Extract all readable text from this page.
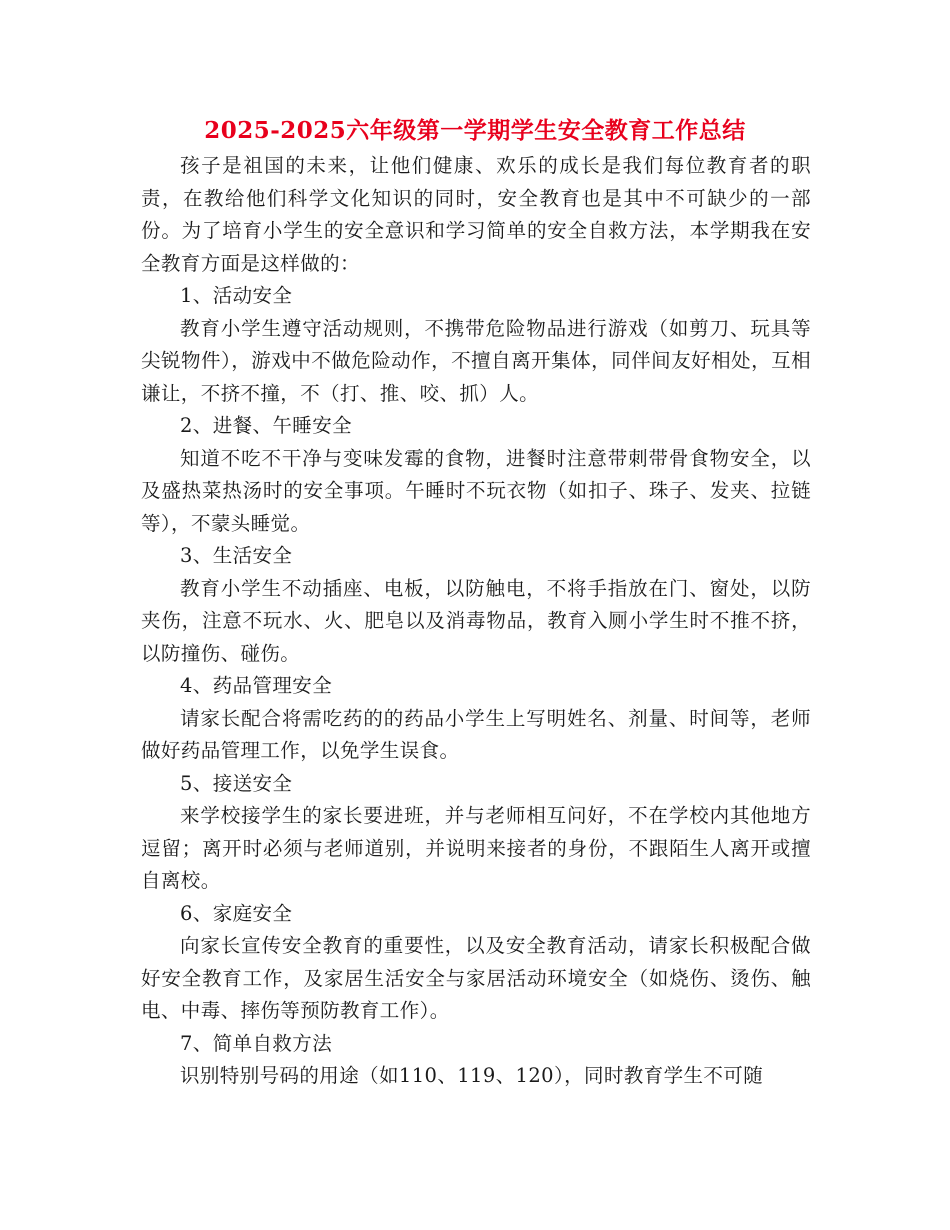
2025-2025六年级第一学期学生安全教育工作总结

孩子是祖国的未来，让他们健康、欢乐的成长是我们每位教育者的职责，在教给他们科学文化知识的同时，安全教育也是其中不可缺少的一部份。为了培育小学生的安全意识和学习简单的安全自救方法，本学期我在安全教育方面是这样做的：

1、活动安全

教育小学生遵守活动规则，不携带危险物品进行游戏（如剪刀、玩具等尖锐物件），游戏中不做危险动作，不擅自离开集体，同伴间友好相处，互相谦让，不挤不撞，不（打、推、咬、抓）人。

2、进餐、午睡安全

知道不吃不干净与变味发霉的食物，进餐时注意带刺带骨食物安全，以及盛热菜热汤时的安全事项。午睡时不玩衣物（如扣子、珠子、发夹、拉链等），不蒙头睡觉。

3、生活安全

教育小学生不动插座、电板，以防触电，不将手指放在门、窗处，以防夹伤，注意不玩水、火、肥皂以及消毒物品，教育入厕小学生时不推不挤，以防撞伤、碰伤。

4、药品管理安全

请家长配合将需吃药的的药品小学生上写明姓名、剂量、时间等，老师做好药品管理工作，以免学生误食。

5、接送安全

来学校接学生的家长要进班，并与老师相互问好，不在学校内其他地方逗留；离开时必须与老师道别，并说明来接者的身份，不跟陌生人离开或擅自离校。

6、家庭安全

向家长宣传安全教育的重要性，以及安全教育活动，请家长积极配合做好安全教育工作，及家居生活安全与家居活动环境安全（如烧伤、烫伤、触电、中毒、摔伤等预防教育工作）。

7、简单自救方法

识别特别号码的用途（如110、119、120），同时教育学生不可随
